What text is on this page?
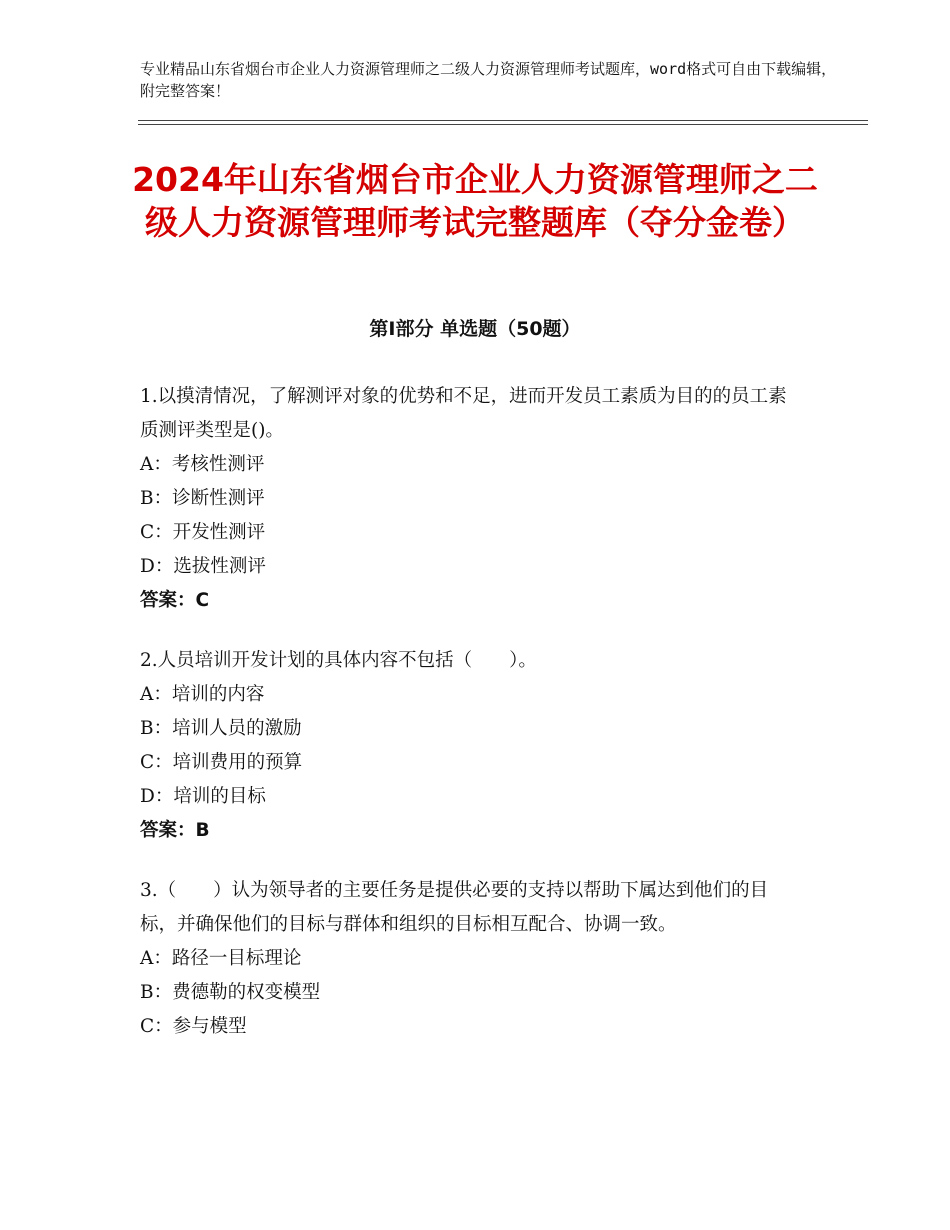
专业精品山东省烟台市企业人力资源管理师之二级人力资源管理师考试题库，word格式可自由下载编辑，附完整答案！
2024年山东省烟台市企业人力资源管理师之二级人力资源管理师考试完整题库（夺分金卷）
第Ⅰ部分 单选题（50题）

1.以摸清情况，了解测评对象的优势和不足，进而开发员工素质为目的的员工素质测评类型是()。

A：考核性测评

B：诊断性测评

C：开发性测评

D：选拔性测评

答案：C

2.人员培训开发计划的具体内容不包括（　　）。

A：培训的内容

B：培训人员的激励

C：培训费用的预算

D：培训的目标

答案：B

3.（　　）认为领导者的主要任务是提供必要的支持以帮助下属达到他们的目标，并确保他们的目标与群体和组织的目标相互配合、协调一致。

A：路径一目标理论

B：费德勒的权变模型

C：参与模型
